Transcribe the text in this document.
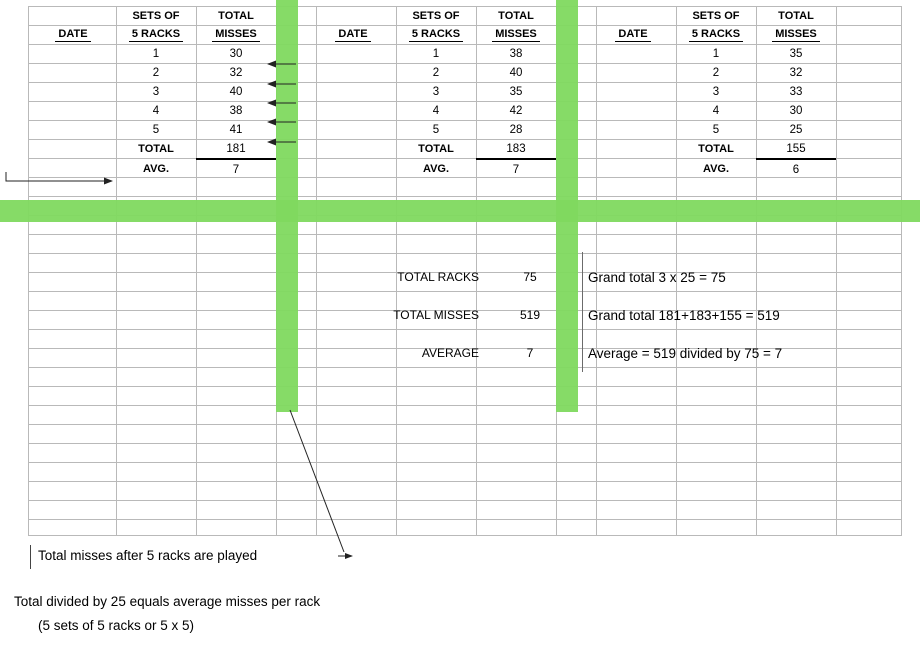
	SETS OF	TOTAL
DATE	5 RACKS	MISSES
	1	30
	2	32
	3	40
	4	38
	5	41
	TOTAL	181
	AVG.	7
	SETS OF	TOTAL
DATE	5 RACKS	MISSES
	1	38
	2	40
	3	35
	4	42
	5	28
	TOTAL	183
	AVG.	7
	SETS OF	TOTAL
DATE	5 RACKS	MISSES
	1	35
	2	32
	3	33
	4	30
	5	25
	TOTAL	155
	AVG.	6
TOTAL RACKS	75
TOTAL MISSES	519
AVERAGE	7
Grand total 3 x 25 = 75
Grand total 181+183+155 = 519
Average = 519 divided by 75 = 7
Total misses after 5 racks are played
Total divided by 25 equals average misses per rack
(5 sets of 5 racks or 5 x 5)
